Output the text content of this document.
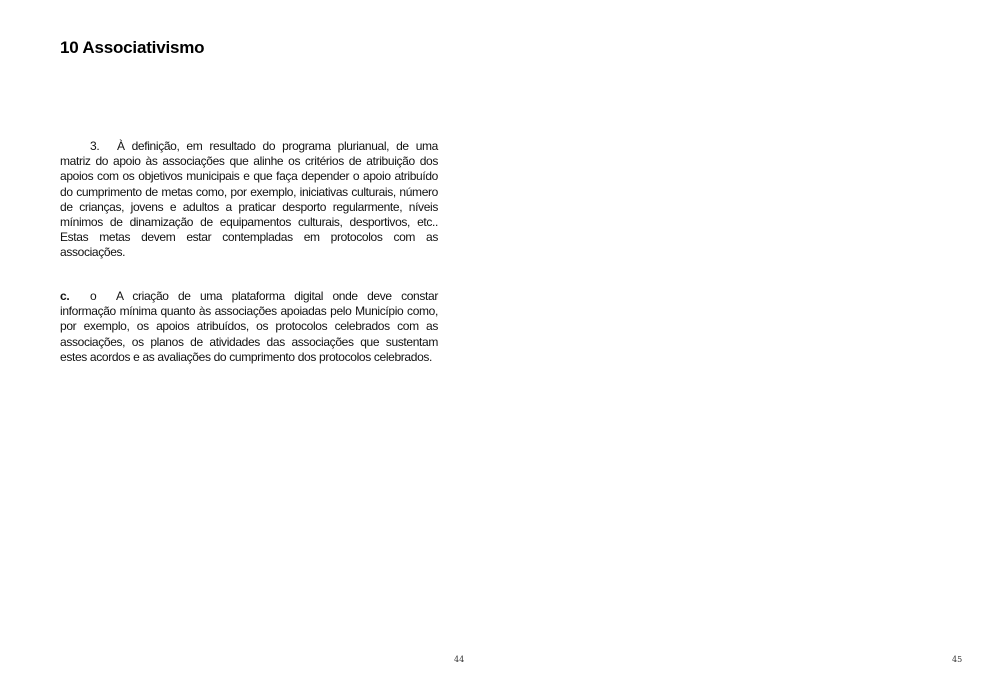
10 Associativismo

3. À definição, em resultado do programa plurianual, de uma matriz do apoio às associações que alinhe os critérios de atribuição dos apoios com os objetivos municipais e que faça depender o apoio atribuído do cumprimento de metas como, por exemplo, iniciativas culturais, número de crianças, jovens e adultos a praticar desporto regularmente, níveis mínimos de dinamização de equipamentos culturais, desportivos, etc.. Estas metas devem estar contempladas em protocolos com as associações.

c. o A criação de uma plataforma digital onde deve constar informação mínima quanto às associações apoiadas pelo Município como, por exemplo, os apoios atribuídos, os protocolos celebrados com as associações, os planos de atividades das associações que sustentam estes acordos e as avaliações do cumprimento dos protocolos celebrados.

44	45
